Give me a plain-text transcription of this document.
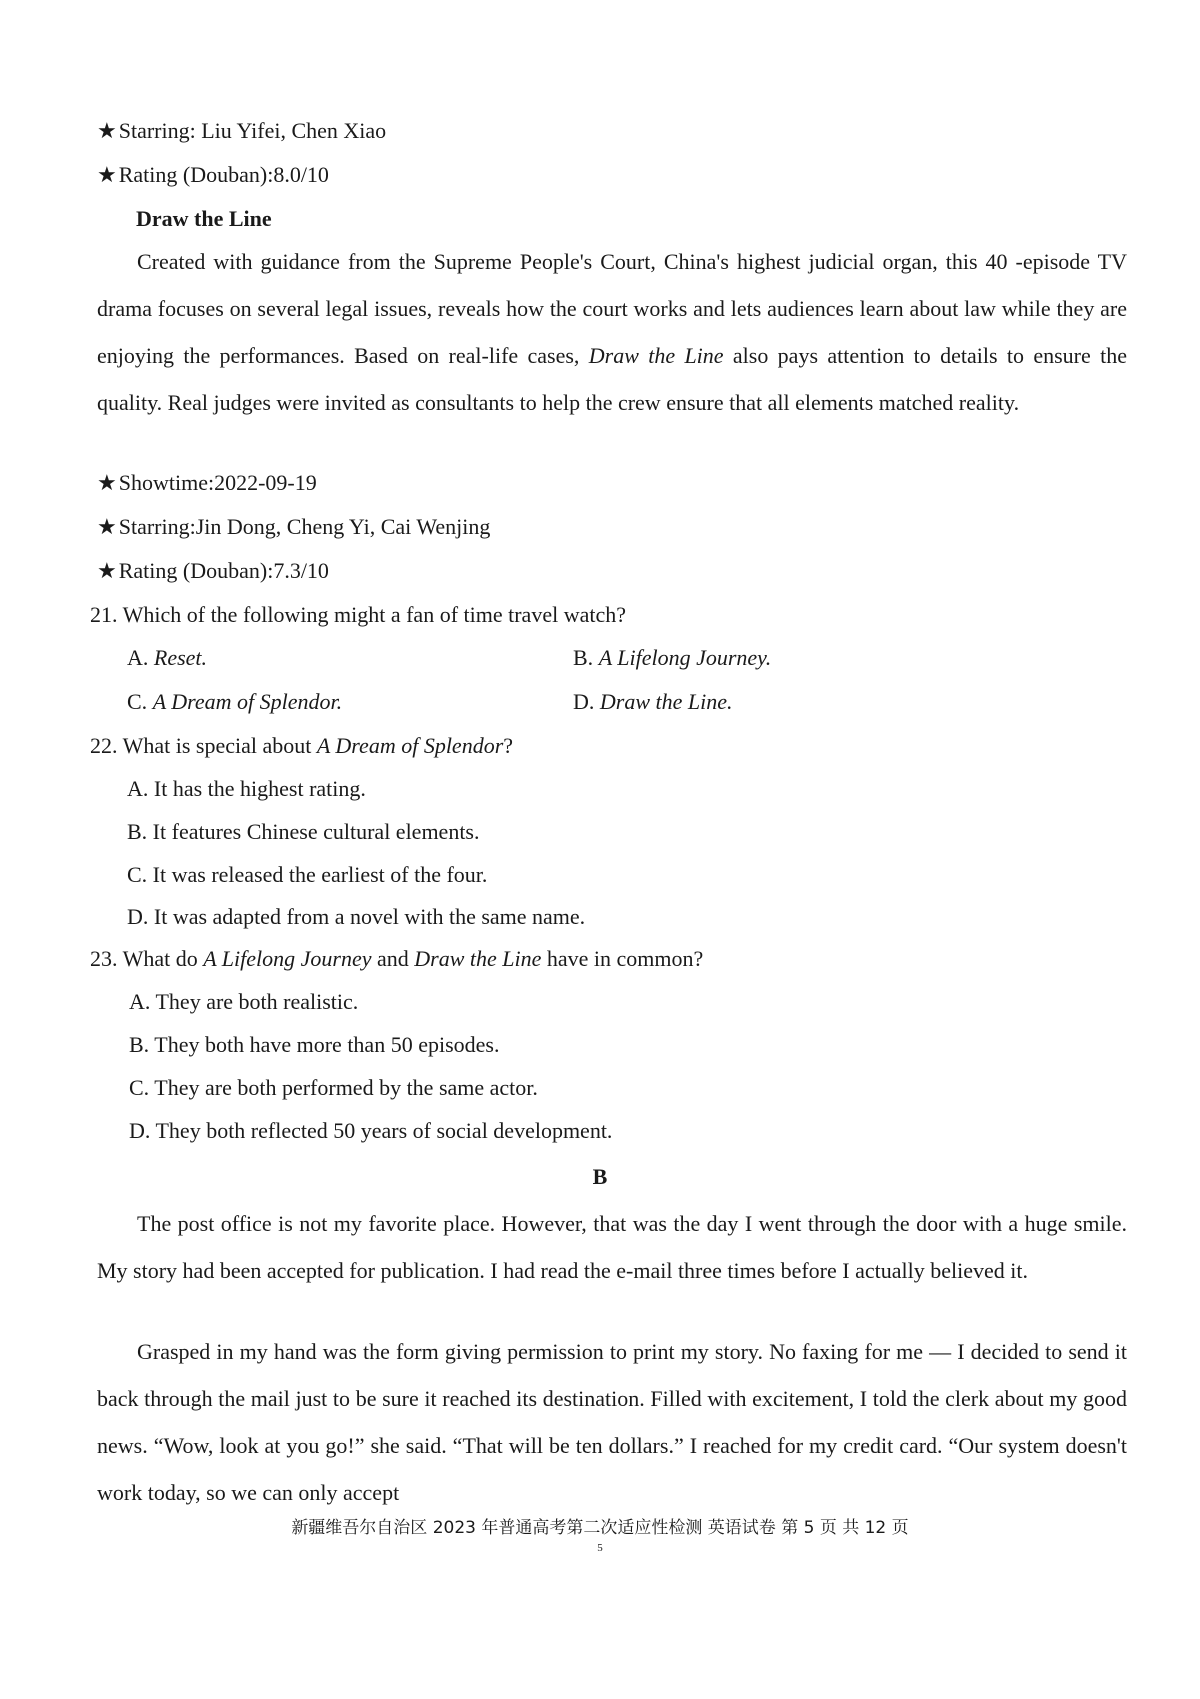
★ Starring: Liu Yifei, Chen Xiao
★ Rating (Douban):8.0/10
Draw the Line
Created with guidance from the Supreme People's Court, China's highest judicial organ, this 40 -episode TV drama focuses on several legal issues, reveals how the court works and lets audiences learn about law while they are enjoying the performances. Based on real-life cases, Draw the Line also pays attention to details to ensure the quality. Real judges were invited as consultants to help the crew ensure that all elements matched reality.
★ Showtime:2022-09-19
★ Starring:Jin Dong, Cheng Yi, Cai Wenjing
★ Rating (Douban):7.3/10
21. Which of the following might a fan of time travel watch?
A. Reset.	B. A Lifelong Journey.
C. A Dream of Splendor.	D. Draw the Line.
22. What is special about A Dream of Splendor?
A. It has the highest rating.
B. It features Chinese cultural elements.
C. It was released the earliest of the four.
D. It was adapted from a novel with the same name.
23. What do A Lifelong Journey and Draw the Line have in common?
A. They are both realistic.
B. They both have more than 50 episodes.
C. They are both performed by the same actor.
D. They both reflected 50 years of social development.
B
The post office is not my favorite place. However, that was the day I went through the door with a huge smile. My story had been accepted for publication. I had read the e-mail three times before I actually believed it.
Grasped in my hand was the form giving permission to print my story. No faxing for me — I decided to send it back through the mail just to be sure it reached its destination. Filled with excitement, I told the clerk about my good news. “Wow, look at you go!” she said. “That will be ten dollars.” I reached for my credit card. “Our system doesn't work today, so we can only accept
新疆维吾尔自治区 2023 年普通高考第二次适应性检测 英语试卷 第 5 页 共 12 页
5
